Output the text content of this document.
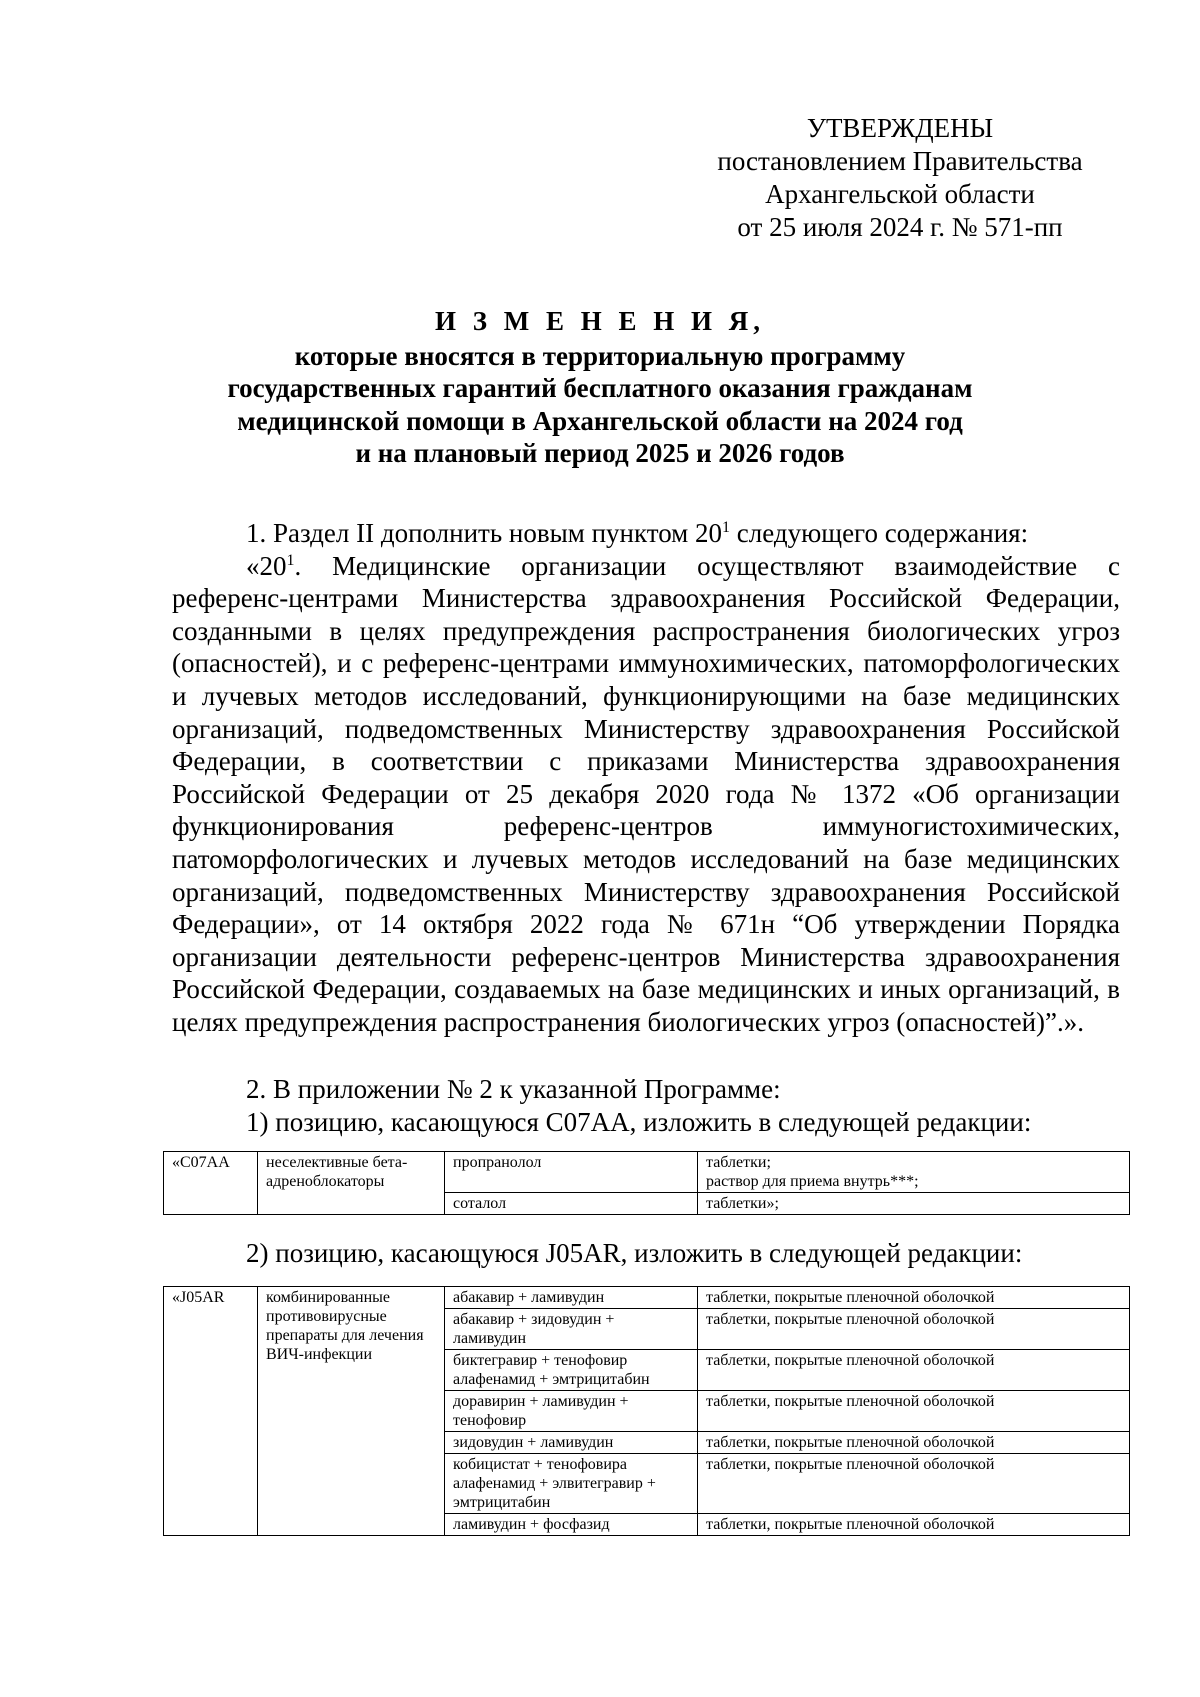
УТВЕРЖДЕНЫ
постановлением Правительства
Архангельской области
от 25 июля 2024 г. № 571-пп
И З М Е Н Е Н И Я,
которые вносятся в территориальную программу
государственных гарантий бесплатного оказания гражданам
медицинской помощи в Архангельской области на 2024 год
и на плановый период 2025 и 2026 годов

1. Раздел II дополнить новым пунктом $20^1$ следующего содержания:

«$20^1$. Медицинские организации осуществляют взаимодействие с референс-центрами Министерства здравоохранения Российской Федерации, созданными в целях предупреждения распространения биологических угроз (опасностей), и с референс-центрами иммунохимических, патоморфологических и лучевых методов исследований, функционирующими на базе медицинских организаций, подведомственных Министерству здравоохранения Российской Федерации, в соответствии с приказами Министерства здравоохранения Российской Федерации от 25 декабря 2020 года № 1372 «Об организации функционирования референс-центров иммуногистохимических, патоморфологических и лучевых методов исследований на базе медицинских организаций, подведомственных Министерству здравоохранения Российской Федерации», от 14 октября 2022 года № 671н “Об утверждении Порядка организации деятельности референс-центров Министерства здравоохранения Российской Федерации, создаваемых на базе медицинских и иных организаций, в целях предупреждения распространения биологических угроз (опасностей)”.».

2. В приложении № 2 к указанной Программе:
1) позицию, касающуюся C07AA, изложить в следующей редакции:
«C07AA	неселективные бета-адреноблокаторы	пропранолол	таблетки;
раствор для приема внутрь***;
		соталол	таблетки»;
2) позицию, касающуюся J05AR, изложить в следующей редакции:
«J05AR	комбинированные противовирусные препараты для лечения ВИЧ-инфекции	абакавир + ламивудин	таблетки, покрытые пленочной оболочкой
		абакавир + зидовудин + ламивудин	таблетки, покрытые пленочной оболочкой
		биктегравир + тенофовир алафенамид + эмтрицитабин	таблетки, покрытые пленочной оболочкой
		доравирин + ламивудин + тенофовир	таблетки, покрытые пленочной оболочкой
		зидовудин + ламивудин	таблетки, покрытые пленочной оболочкой
		кобицистат + тенофовира алафенамид + элвитегравир + эмтрицитабин	таблетки, покрытые пленочной оболочкой
		ламивудин + фосфазид	таблетки, покрытые пленочной оболочкой
